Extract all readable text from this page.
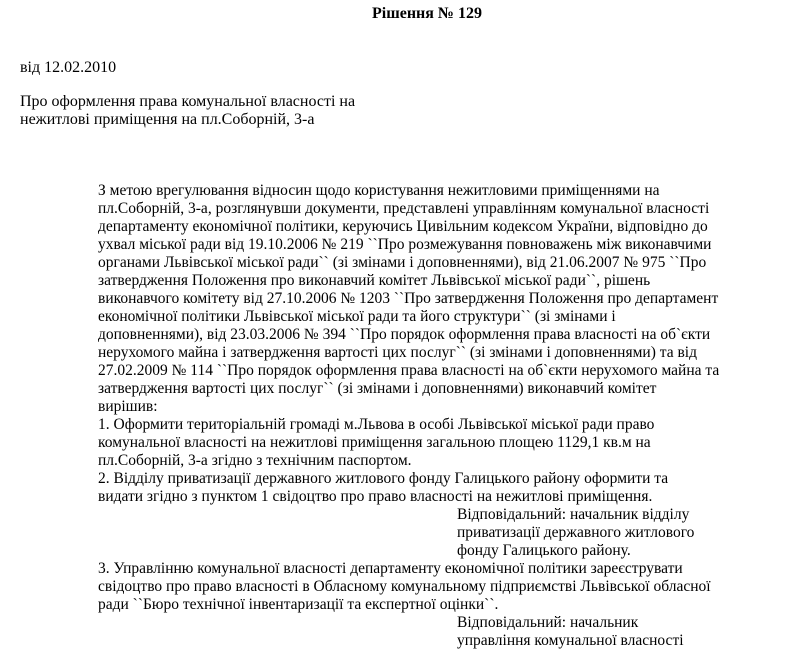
Рішення № 129
від 12.02.2010
Про оформлення права комунальної власності на
нежитлові приміщення на пл.Соборній, 3-а
З метою врегулювання відносин щодо користування нежитловими приміщеннями на
пл.Соборній, 3-а, розглянувши документи, представлені управлінням комунальної власності
департаменту економічної політики, керуючись Цивільним кодексом України, відповідно до
ухвал міської ради від 19.10.2006 № 219 ``Про розмежування повноважень між виконавчими
органами Львівської міської ради`` (зі змінами і доповненнями), від 21.06.2007 № 975 ``Про
затвердження Положення про виконавчий комітет Львівської міської ради``, рішень
виконавчого комітету від 27.10.2006 № 1203 ``Про затвердження Положення про департамент
економічної політики Львівської міської ради та його структури`` (зі змінами і
доповненнями), від 23.03.2006 № 394 ``Про порядок оформлення права власності на об`єкти
нерухомого майна і затвердження вартості цих послуг`` (зі змінами і доповненнями) та від
27.02.2009 № 114 ``Про порядок оформлення права власності на об`єкти нерухомого майна та
затвердження вартості цих послуг`` (зі змінами і доповненнями) виконавчий комітет
вирішив:
1. Оформити територіальній громаді м.Львова в особі Львівської міської ради право
комунальної власності на нежитлові приміщення загальною площею 1129,1 кв.м на
пл.Соборній, 3-а згідно з технічним паспортом.
2. Відділу приватизації державного житлового фонду Галицького району оформити та
видати згідно з пунктом 1 свідоцтво про право власності на нежитлові приміщення.
Відповідальний: начальник відділу
приватизації державного житлового
фонду Галицького району.
3. Управлінню комунальної власності департаменту економічної політики зареєструвати
свідоцтво про право власності в Обласному комунальному підприємстві Львівської обласної
ради ``Бюро технічної інвентаризації та експертної оцінки``.
Відповідальний: начальник
управління комунальної власності
